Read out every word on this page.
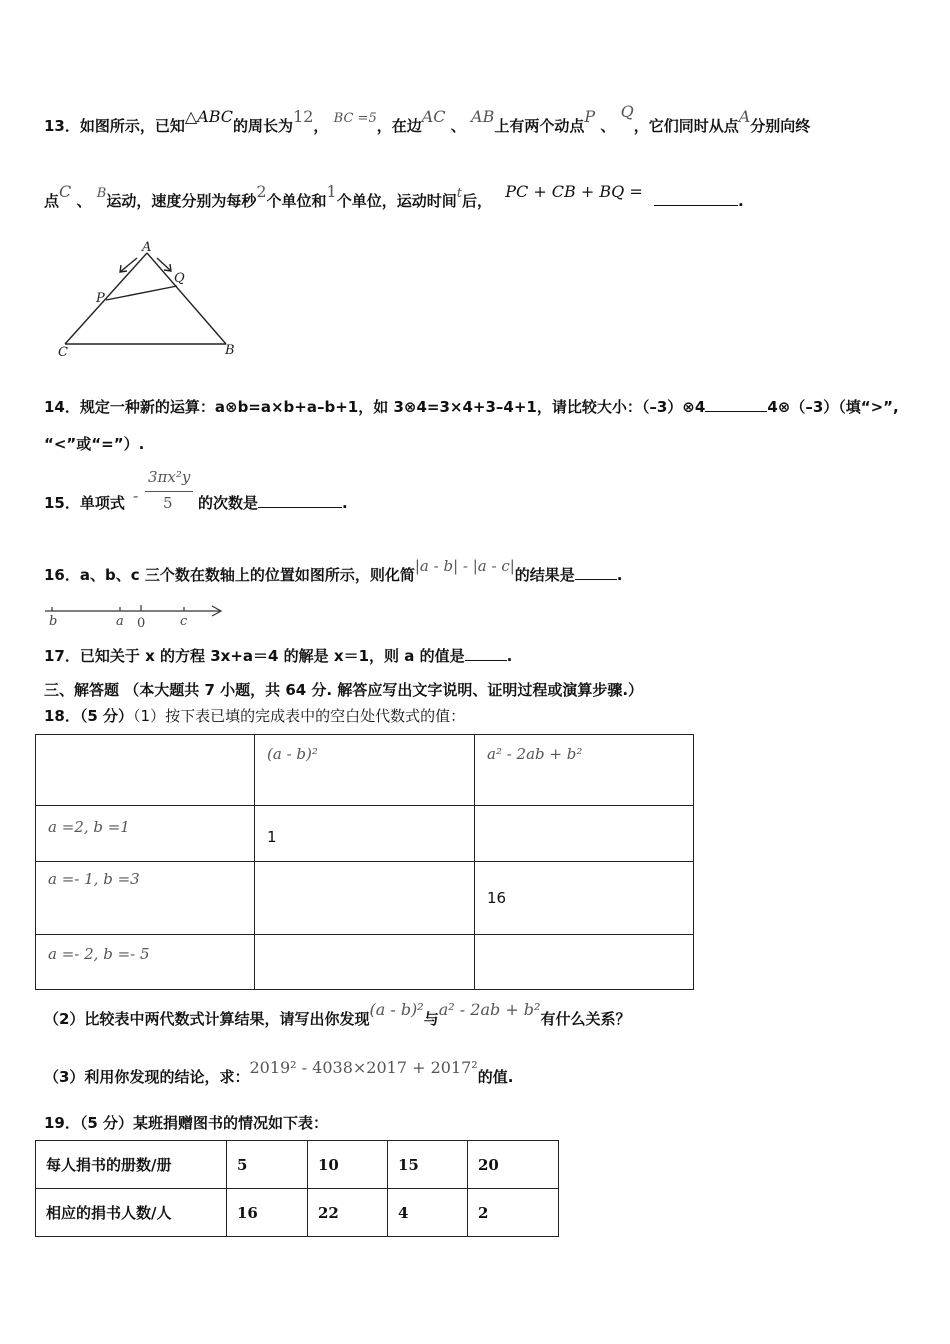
13．如图所示，已知△ABC的周长为12， BC =5，在边AC 、 AB上有两个动点P 、 Q，它们同时从点A分别向终
点C 、 B运动，速度分别为每秒2个单位和1个单位，运动时间t后， PC + CB + BQ =	.
A
Q
P
C	B
14．规定一种新的运算：a⊗b=a×b+a–b+1，如 3⊗4=3×4+3–4+1，请比较大小：（–3）⊗4	4⊗（–3）（填“>”,
“<”或“=”）.
15．单项式 -
3πx²y
5 的次数是	.
16．a、b、c 三个数在数轴上的位置如图所示，则化简|a - b| - |a - c|的结果是	.
b	a 0	c
17．已知关于 x 的方程 3x+a＝4 的解是 x＝1，则 a 的值是	.
三、解答题 （本大题共 7 小题，共 64 分. 解答应写出文字说明、证明过程或演算步骤.）
18．（5 分）（1）按下表已填的完成表中的空白处代数式的值：
	(a - b)²	a² - 2ab + b²
a =2, b =1	1	
a =- 1, b =3		16
a =- 2, b =- 5		
（2）比较表中两代数式计算结果，请写出你发现(a - b)²与a² - 2ab + b²有什么关系？
（3）利用你发现的结论，求：2019² - 4038×2017 + 2017²的值.
19．（5 分）某班捐赠图书的情况如下表：
每人捐书的册数/册	5	10	15	20
相应的捐书人数/人	16	22	4	2
